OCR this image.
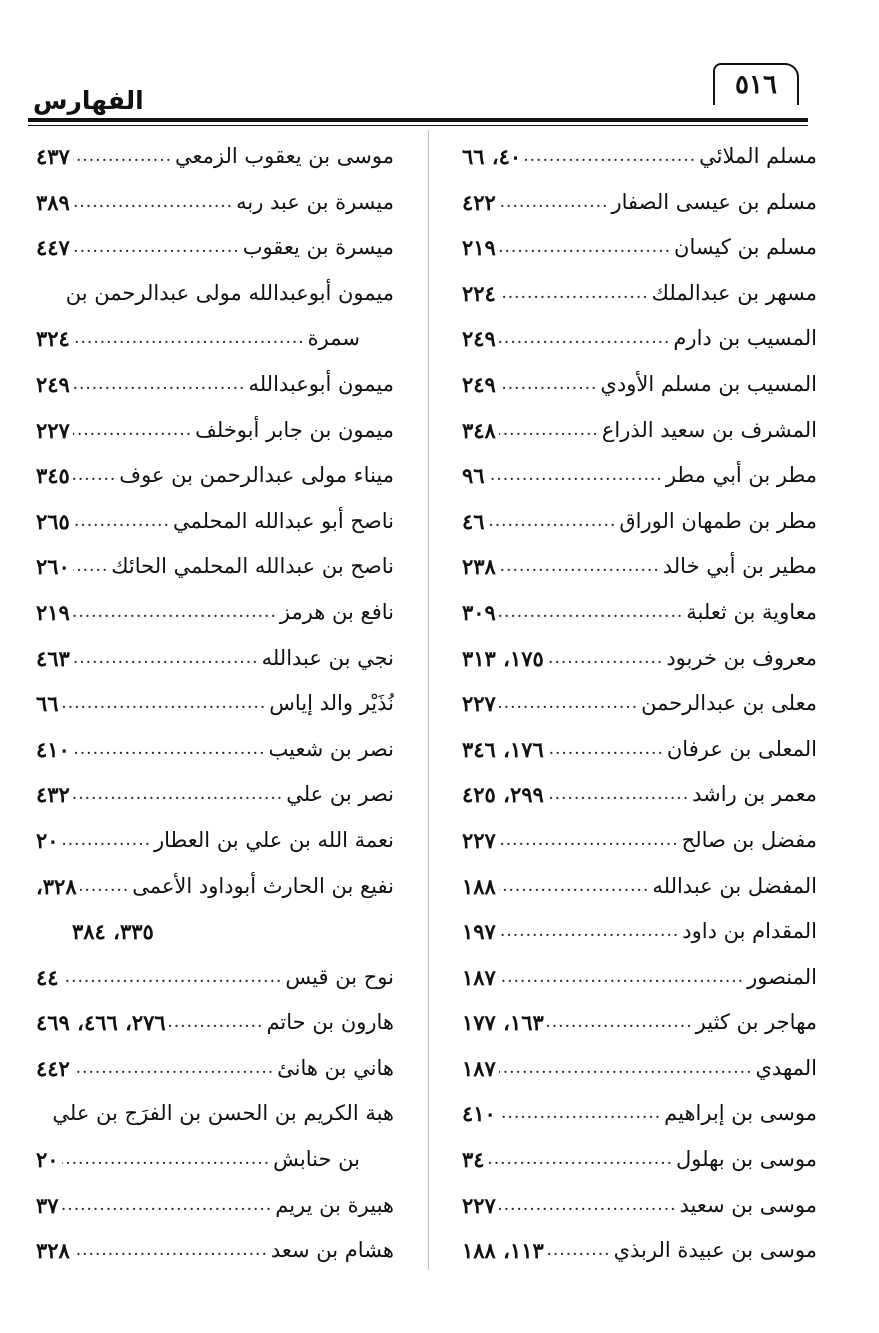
الفهارس
٥١٦
مسلم الملائي
.....
٤٠، ٦٦
مسلم بن عيسى الصفار
.....
٤٢٢
مسلم بن كيسان
.....
٢١٩
مسهر بن عبدالملك
.....
٢٢٤
المسيب بن دارم
.....
٢٤٩
المسيب بن مسلم الأودي
.....
٢٤٩
المشرف بن سعيد الذراع
.....
٣٤٨
مطر بن أبي مطر
.....
٩٦
مطر بن طمهان الوراق
.....
٤٦
مطير بن أبي خالد
.....
٢٣٨
معاوية بن ثعلبة
.....
٣٠٩
معروف بن خربود
.....
١٧٥، ٣١٣
معلى بن عبدالرحمن
.....
٢٢٧
المعلى بن عرفان
.....
١٧٦، ٣٤٦
معمر بن راشد
.....
٢٩٩، ٤٢٥
مفضل بن صالح
.....
٢٢٧
المفضل بن عبدالله
.....
١٨٨
المقدام بن داود
.....
١٩٧
المنصور
.....
١٨٧
مهاجر بن كثير
.....
١٦٣، ١٧٧
المهدي
.....
١٨٧
موسى بن إبراهيم
.....
٤١٠
موسى بن بهلول
.....
٣٤
موسى بن سعيد
.....
٢٢٧
موسى بن عبيدة الربذي
.....
١١٣، ١٨٨
موسى بن يعقوب الزمعي
.....
٤٣٧
ميسرة بن عبد ربه
.....
٣٨٩
ميسرة بن يعقوب
.....
٤٤٧
ميمون أبوعبدالله مولى عبدالرحمن بن
سمرة
.....
٣٢٤
ميمون أبوعبدالله
.....
٢٤٩
ميمون بن جابر أبوخلف
.....
٢٢٧
ميناء مولى عبدالرحمن بن عوف
.....
٣٤٥
ناصح أبو عبدالله المحلمي
.....
٢٦٥
ناصح بن عبدالله المحلمي الحائك
.....
٢٦٠
نافع بن هرمز
.....
٢١٩
نجي بن عبدالله
.....
٤٦٣
نُذَيْر والد إياس
.....
٦٦
نصر بن شعيب
.....
٤١٠
نصر بن علي
.....
٤٣٢
نعمة الله بن علي بن العطار
.....
٢٠
نفيع بن الحارث أبوداود الأعمى
.....
٣٢٨،
٣٣٥، ٣٨٤
نوح بن قيس
.....
٤٤
هارون بن حاتم
.....
٢٧٦، ٤٦٦، ٤٦٩
هاني بن هانئ
.....
٤٤٢
هبة الكريم بن الحسن بن الفرَج بن علي
بن حنابش
.....
٢٠
هبيرة بن يريم
.....
٣٧
هشام بن سعد
.....
٣٢٨
